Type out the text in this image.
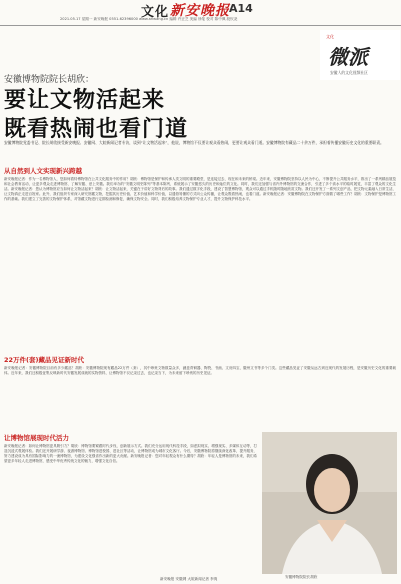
文化 新安晚报 A14
2021.05.17 星期一 新安晚报 0551-62396000 www.ahwang.cn 编辑 许正芝 美编 徐斐 校对 陈中佩 段钦尧
文化
微派
安徽人的文化视频社区
安徽博物院院长胡欣：
要让文物活起来
既看热闹也看门道
安徽博物院党委书记、院长胡欣接受新安晚报、安徽网、大皖新闻记者专访，谈到“让文物活起来”，他说，博物馆不仅要让观众看热闹，更要让观众看门道。安徽博物院有藏品二十余万件，承担着传播安徽历史文化的重要职责。
从自然到人文实现新兴跨越
新安晚报记者：作为一名博物馆人，您如何看待博物馆在公共文化服务中的作用？胡欣：博物馆是保护和传承人类文明的重要殿堂，是连接过去、现在和未来的桥梁。近年来，安徽博物院坚持以人民为中心，不断提升公共服务水平，推出了一系列精品展览和社会教育活动，让更多观众走进博物馆、了解安徽、爱上安徽。我们举办的“安徽文明史陈列”等基本陈列，系统展示了安徽悠久的历史和灿烂的文化。同时，我们还加强与省内外博物馆的交流合作，引进了多个高水平的临时展览，丰富了观众的文化生活。新安晚报记者：您认为博物馆应当如何让文物活起来？胡欣：让文物活起来，关键在于讲好文物背后的故事。我们通过数字化手段，建设了智慧博物馆，观众可以通过手机随时随地欣赏文物。我们还开发了一系列文创产品，把文物元素融入日常生活，让文物真正走进百姓家。此外，我们组织专家深入研究馆藏文物，挖掘其历史价值、艺术价值和科学价值，以通俗易懂的方式向公众传播，让观众既看热闹，也看门道。新安晚报记者：安徽博物院在文物保护方面做了哪些工作？胡欣：文物保护是博物馆工作的基础。我们建立了完善的文物保护体系，对馆藏文物进行定期检测和修复，确保文物安全。同时，我们积极培养文物保护专业人才，提升文物保护科技水平。
22万件(套)藏品见证新时代
新安晚报记者：安徽博物院目前有多少藏品？胡欣：安徽博物院现有藏品22万件（套），其中珍贵文物数量众多，涵盖青铜器、陶瓷、书画、文房四宝、徽州文书等多个门类。这些藏品见证了安徽从远古到近现代的发展历程，是安徽历史文化的重要载体。近年来，我们还积极征集反映新时代安徽发展成就的实物资料，让博物馆不仅记录过去，也记录当下，为未来留下珍贵的历史见证。
让博物馆展现时代活力
新安晚报记者：如何让博物馆更具吸引力？胡欣：博物馆要紧跟时代步伐，创新展示方式。我们充分运用现代科技手段，如虚拟现实、增强现实、多媒体互动等，打造沉浸式观展体验。我们还开展研学游、夜游博物馆、博物馆进校园、进社区等活动，让博物馆成为城市文化客厅。今后，安徽博物院将继续深化改革，提升服务，努力建设成为具有国际影响力的一流博物馆，为建设文化强省作出新的更大贡献。新安晚报记者：您对年轻观众有什么期待？胡欣：年轻人是博物馆的未来，我们希望更多年轻人走进博物馆，感受中华优秀传统文化的魅力，增强文化自信。
安徽博物院院长胡欣
新安晚报 安徽网 大皖新闻记者 李爽
